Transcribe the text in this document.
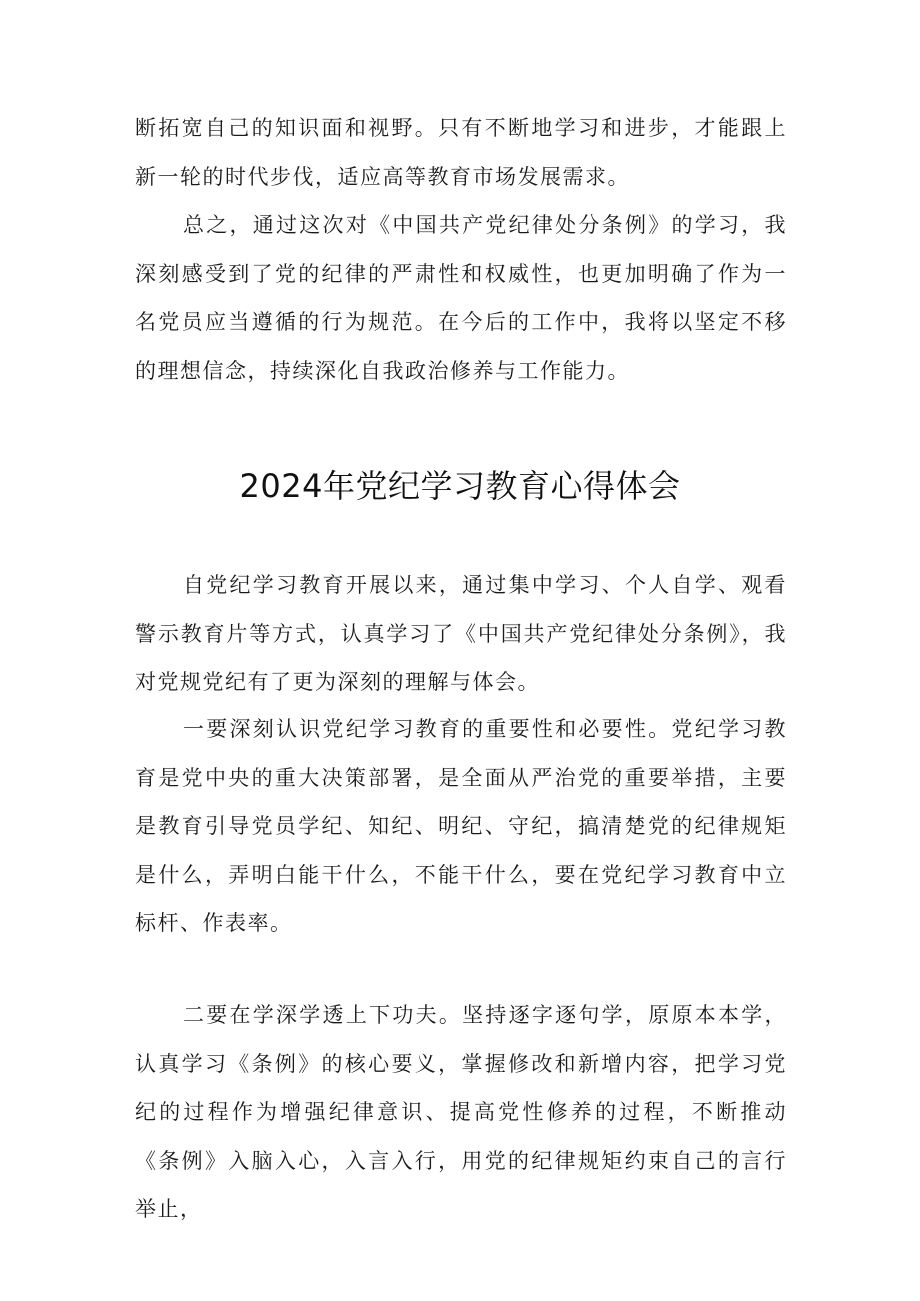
断拓宽自己的知识面和视野。只有不断地学习和进步，才能跟上新一轮的时代步伐，适应高等教育市场发展需求。

总之，通过这次对《中国共产党纪律处分条例》的学习，我深刻感受到了党的纪律的严肃性和权威性，也更加明确了作为一名党员应当遵循的行为规范。在今后的工作中，我将以坚定不移的理想信念，持续深化自我政治修养与工作能力。

2024年党纪学习教育心得体会

自党纪学习教育开展以来，通过集中学习、个人自学、观看警示教育片等方式，认真学习了《中国共产党纪律处分条例》，我对党规党纪有了更为深刻的理解与体会。

一要深刻认识党纪学习教育的重要性和必要性。党纪学习教育是党中央的重大决策部署，是全面从严治党的重要举措，主要是教育引导党员学纪、知纪、明纪、守纪，搞清楚党的纪律规矩是什么，弄明白能干什么，不能干什么，要在党纪学习教育中立标杆、作表率。

二要在学深学透上下功夫。坚持逐字逐句学，原原本本学，认真学习《条例》的核心要义，掌握修改和新增内容，把学习党纪的过程作为增强纪律意识、提高党性修养的过程，不断推动《条例》入脑入心，入言入行，用党的纪律规矩约束自己的言行举止，
